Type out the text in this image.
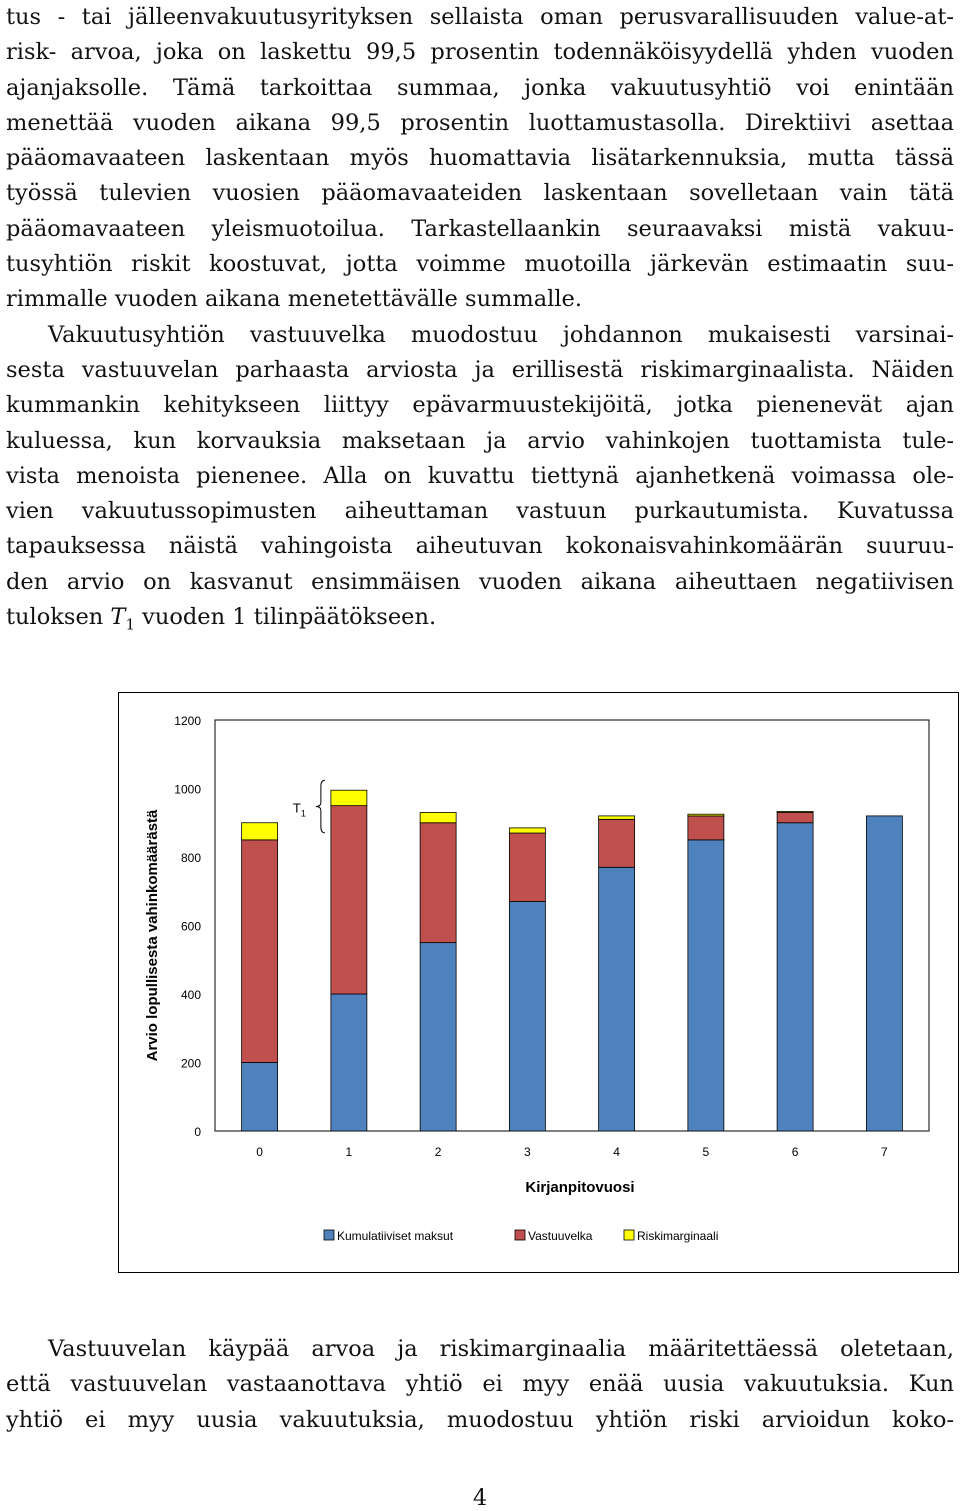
tus - tai jälleenvakuutusyrityksen sellaista oman perusvarallisuuden value-at-
risk- arvoa, joka on laskettu 99,5 prosentin todennäköisyydellä yhden vuoden
ajanjaksolle. Tämä tarkoittaa summaa, jonka vakuutusyhtiö voi enintään
menettää vuoden aikana 99,5 prosentin luottamustasolla. Direktiivi asettaa
pääomavaateen laskentaan myös huomattavia lisätarkennuksia, mutta tässä
työssä tulevien vuosien pääomavaateiden laskentaan sovelletaan vain tätä
pääomavaateen yleismuotoilua. Tarkastellaankin seuraavaksi mistä vakuu-
tusyhtiön riskit koostuvat, jotta voimme muotoilla järkevän estimaatin suu-
rimmalle vuoden aikana menetettävälle summalle.
Vakuutusyhtiön vastuuvelka muodostuu johdannon mukaisesti varsinai-
sesta vastuuvelan parhaasta arviosta ja erillisestä riskimarginaalista. Näiden
kummankin kehitykseen liittyy epävarmuustekijöitä, jotka pienenevät ajan
kuluessa, kun korvauksia maksetaan ja arvio vahinkojen tuottamista tule-
vista menoista pienenee. Alla on kuvattu tiettynä ajanhetkenä voimassa ole-
vien vakuutussopimusten aiheuttaman vastuun purkautumista. Kuvatussa
tapauksessa näistä vahingoista aiheutuvan kokonaisvahinkomäärän suuruu-
den arvio on kasvanut ensimmäisen vuoden aikana aiheuttaen negatiivisen
tuloksen $T_1$ vuoden 1 tilinpäätökseen.
0
200
400
600
800
1000
1200
0	1	2	3	4	5	6	7
$T_1$
Arvio lopullisesta vahinkomäärästä
Kirjanpitovuosi
Kumulatiiviset maksut	Vastuuvelka	Riskimarginaali
Vastuuvelan käypää arvoa ja riskimarginaalia määritettäessä oletetaan,
että vastuuvelan vastaanottava yhtiö ei myy enää uusia vakuutuksia. Kun
yhtiö ei myy uusia vakuutuksia, muodostuu yhtiön riski arvioidun koko-
4
